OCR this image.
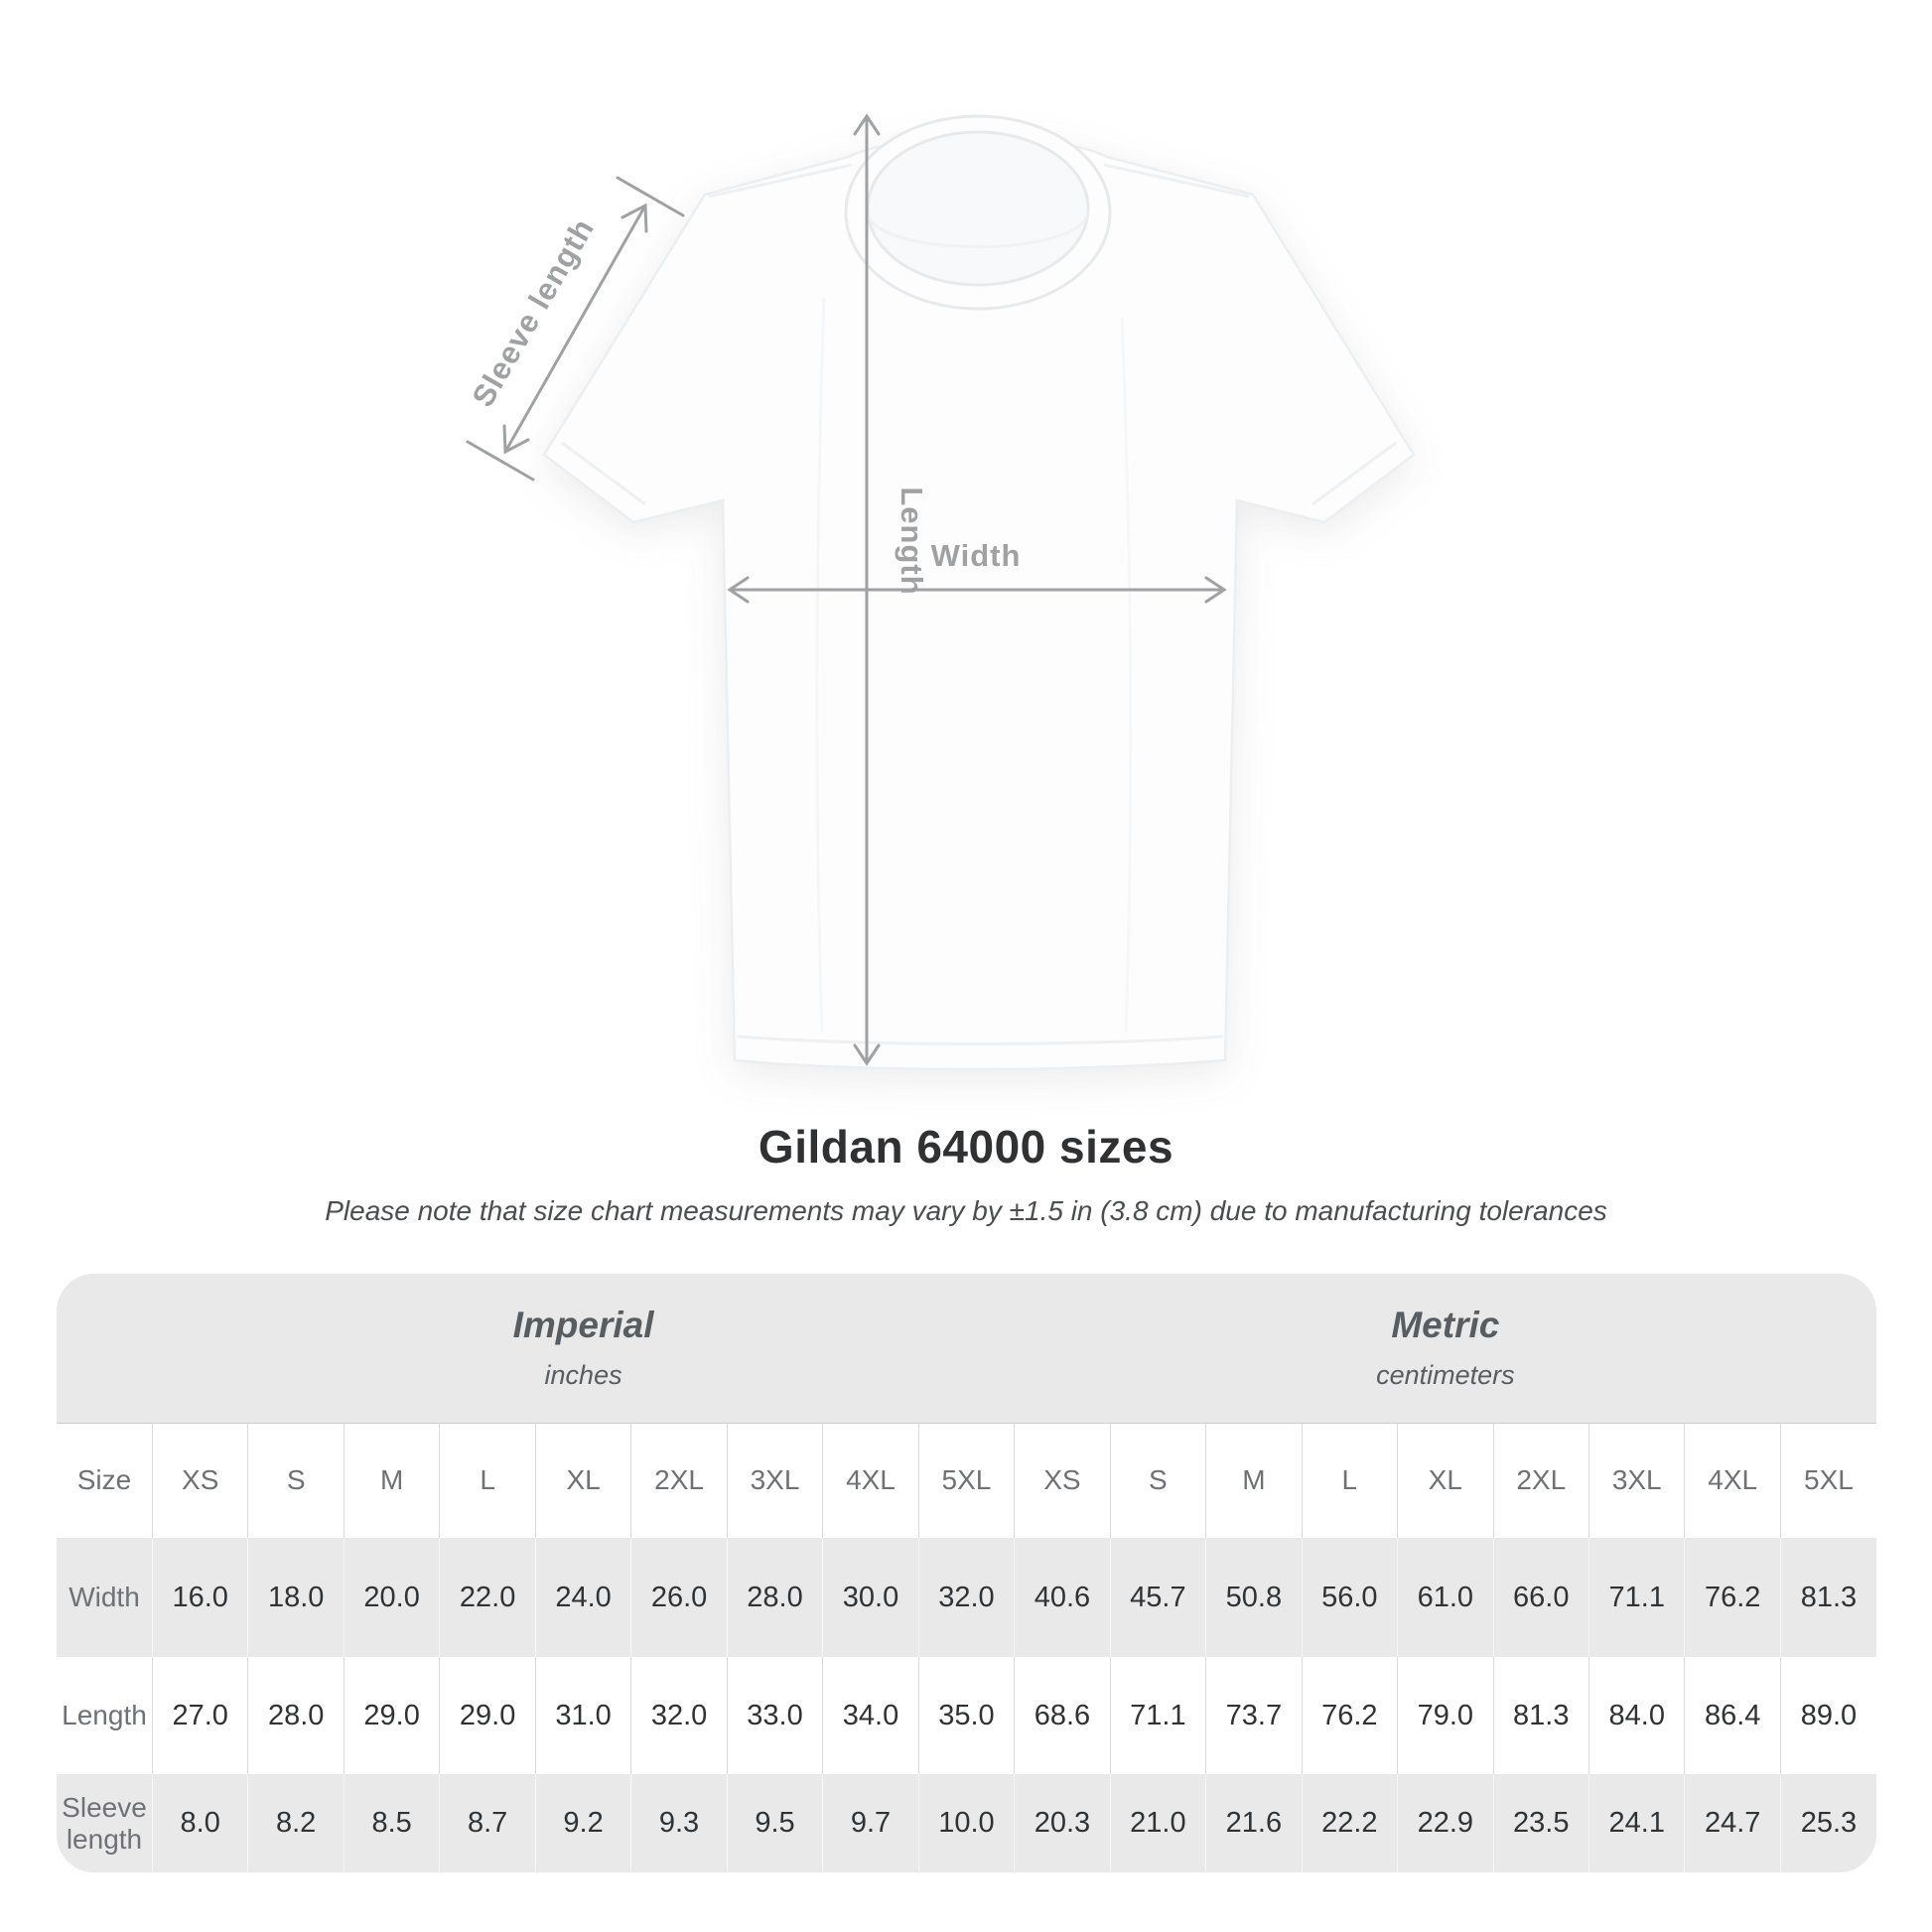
Length Width
Sleeve length
Gildan 64000 sizes
Please note that size chart measurements may vary by ±1.5 in (3.8 cm) due to manufacturing tolerances

Imperial
inches

Metric
centimeters

Size	XS	S	M	L	XL	2XL	3XL	4XL	5XL	XS	S	M	L	XL	2XL	3XL	4XL	5XL
Width	16.0	18.0	20.0	22.0	24.0	26.0	28.0	30.0	32.0	40.6	45.7	50.8	56.0	61.0	66.0	71.1	76.2	81.3
Length	27.0	28.0	29.0	29.0	31.0	32.0	33.0	34.0	35.0	68.6	71.1	73.7	76.2	79.0	81.3	84.0	86.4	89.0
Sleeve length	8.0	8.2	8.5	8.7	9.2	9.3	9.5	9.7	10.0	20.3	21.0	21.6	22.2	22.9	23.5	24.1	24.7	25.3
